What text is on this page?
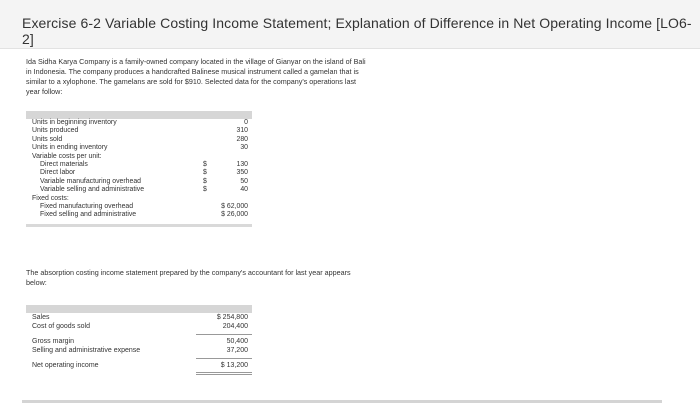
Exercise 6-2 Variable Costing Income Statement; Explanation of Difference in Net Operating Income [LO6-2]
Ida Sidha Karya Company is a family-owned company located in the village of Gianyar on the island of Bali
in Indonesia. The company produces a handcrafted Balinese musical instrument called a gamelan that is
similar to a xylophone. The gamelans are sold for $910. Selected data for the company's operations last
year follow:
Units in beginning inventory	0
Units produced	310
Units sold	280
Units in ending inventory	30
Variable costs per unit:
Direct materials	$	130
Direct labor	$	350
Variable manufacturing overhead	$	50
Variable selling and administrative	$	40
Fixed costs:
Fixed manufacturing overhead	$ 62,000
Fixed selling and administrative	$ 26,000
The absorption costing income statement prepared by the company's accountant for last year appears
below:
Sales	$ 254,800
Cost of goods sold	204,400
Gross margin	50,400
Selling and administrative expense	37,200
Net operating income	$ 13,200
